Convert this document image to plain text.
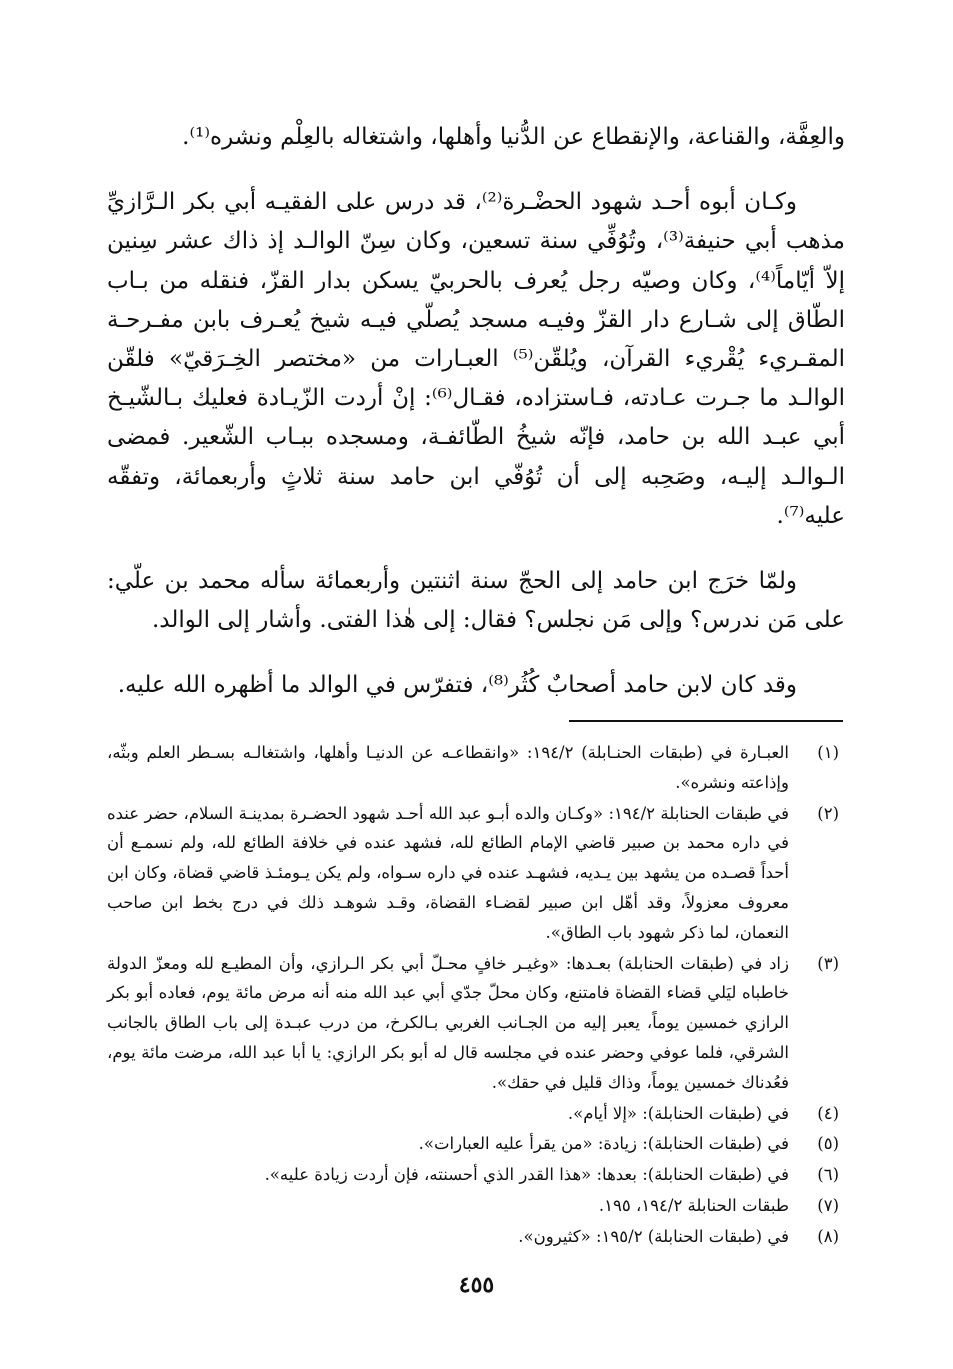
والعِفَّة، والقناعة، والإنقطاع عن الدُّنيا وأهلها، واشتغاله بالعِلْم ونشره⁽¹⁾.

وكـان أبوه أحـد شهود الحضْـرة⁽²⁾، قد درس على الفقيـه أبي بكر الـرَّازيِّ مذهب أبي حنيفة⁽³⁾، وتُوُفِّي سنة تسعين، وكان سِنّ الوالـد إذ ذاك عشر سِنين إلاّ أيّاماً⁽⁴⁾، وكان وصيّه رجل يُعرف بالحربيّ يسكن بدار القزّ، فنقله من بـاب الطّاق إلى شـارع دار القزّ وفيـه مسجد يُصلّي فيـه شيخ يُعـرف بابن مفـرحـة المقـريء يُقْريء القرآن، ويُلقّن⁽⁵⁾ العبـارات من «مختصر الخِـرَقيّ» فلقّن الوالـد ما جـرت عـادته، فـاستزاده، فقـال⁽⁶⁾: إنْ أردت الزّيـادة فعليك بـالشّيـخ أبي عبـد الله بن حامد، فإنّه شيخُ الطّائفـة، ومسجده ببـاب الشّعير. فمضى الـوالـد إليـه، وصَحِبه إلى أن تُوُفّي ابن حامد سنة ثلاثٍ وأربعمائة، وتفقّه عليه⁽⁷⁾.

ولمّا خرَج ابن حامد إلى الحجّ سنة اثنتين وأربعمائة سأله محمد بن علّي: على مَن ندرس؟ وإلى مَن نجلس؟ فقال: إلى هٰذا الفتى. وأشار إلى الوالد.

وقد كان لابن حامد أصحابٌ كُثُر⁽⁸⁾، فتفرّس في الوالد ما أظهره الله عليه.

(١)
العبـارة في (طبقات الحنـابلة) ١٩٤/٢: «وانقطاعـه عن الدنيـا وأهلها، واشتغالـه بسـطر العلم وبثّه، وإذاعته ونشره».
(٢)
في طبقات الحنابلة ١٩٤/٢: «وكـان والده أبـو عبد الله أحـد شهود الحضـرة بمدينـة السلام، حضر عنده في داره محمد بن صبير قاضي الإمام الطائع لله، فشهد عنده في خلافة الطائع لله، ولم نسمـع أن أحداً قصـده من يشهد بين يـديه، فشهـد عنده في داره سـواه، ولم يكن يـومئـذ قاضي قضاة، وكان ابن معروف معزولاً، وقد أهّل ابن صبير لقضـاء القضاة، وقـد شوهـد ذلك في درج بخط ابن صاحب النعمان، لما ذكر شهود باب الطاق».
(٣)
زاد في (طبقات الحنابلة) بعـدها: «وغيـر خافٍ محـلّ أبي بكر الـرازي، وأن المطيـع لله ومعزّ الدولة خاطباه ليَلي قضاء القضاة فامتنع، وكان محلّ جدّي أبي عبد الله منه أنه مرض مائة يوم، فعاده أبو بكر الرازي خمسين يوماً، يعبر إليه من الجـانب الغربي بـالكرخ، من درب عبـدة إلى باب الطاق بالجانب الشرقي، فلما عوفي وحضر عنده في مجلسه قال له أبو بكر الرازي: يا أبا عبد الله، مرضت مائة يوم، فعُدناك خمسين يوماً، وذاك قليل في حقك».
(٤)
في (طبقات الحنابلة): «إلا أيام».
(٥)
في (طبقات الحنابلة): زيادة: «من يقرأ عليه العبارات».
(٦)
في (طبقات الحنابلة): بعدها: «هذا القدر الذي أحسنته، فإن أردت زيادة عليه».
(٧)
طبقات الحنابلة ١٩٤/٢، ١٩٥.
(٨)
في (طبقات الحنابلة) ١٩٥/٢: «كثيرون».
٤٥٥
